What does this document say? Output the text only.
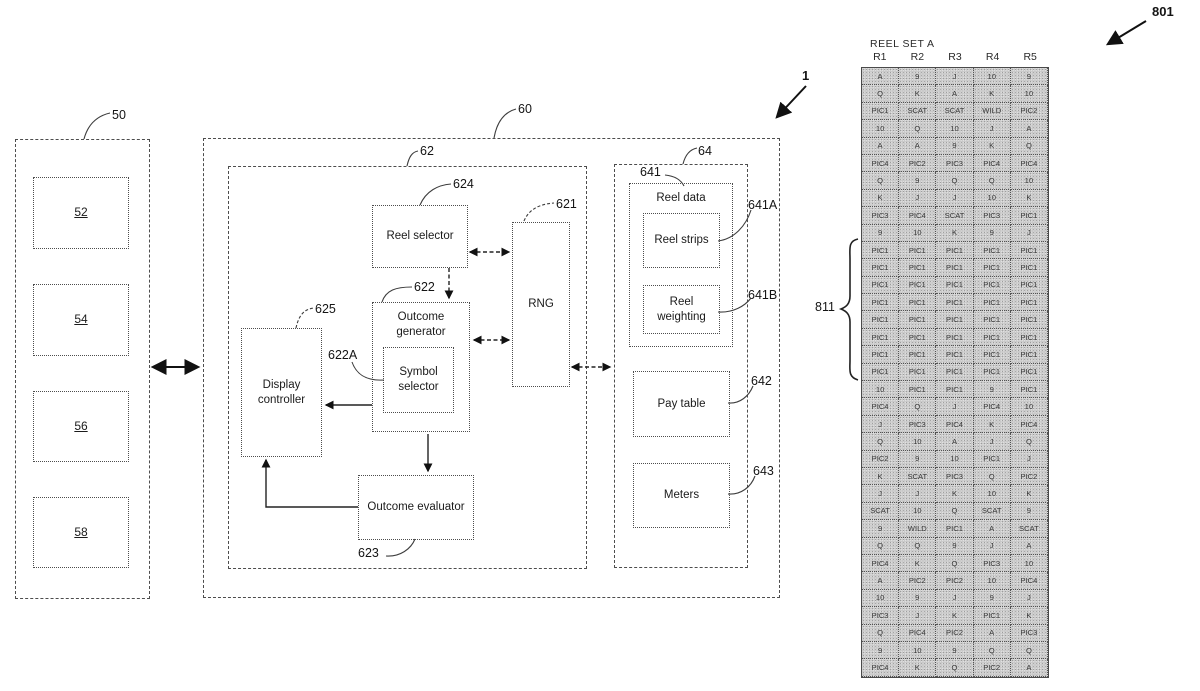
52
54
56
58
Reel selector
RNG
Outcome generator
Symbol selector
Display controller
Outcome evaluator
Reel data
Reel strips
Reel weighting
Pay table
Meters
50	60
1
62
624
621
622
625
622A
623
64
641
641A
641B
642
643
801
811
REEL SET A
R1	R2	R3	R4	R5
A	9	J	10	9
Q	K	A	K	10
PIC1	SCAT	SCAT	WILD	PIC2
10	Q	10	J	A
A	A	9	K	Q
PIC4	PIC2	PIC3	PIC4	PIC4
Q	9	Q	Q	10
K	J	J	10	K
PIC3	PIC4	SCAT	PIC3	PIC1
9	10	K	9	J
PIC1	PIC1	PIC1	PIC1	PIC1
PIC1	PIC1	PIC1	PIC1	PIC1
PIC1	PIC1	PIC1	PIC1	PIC1
PIC1	PIC1	PIC1	PIC1	PIC1
PIC1	PIC1	PIC1	PIC1	PIC1
PIC1	PIC1	PIC1	PIC1	PIC1
PIC1	PIC1	PIC1	PIC1	PIC1
PIC1	PIC1	PIC1	PIC1	PIC1
10	PIC1	PIC1	9	PIC1
PIC4	Q	J	PIC4	10
J	PIC3	PIC4	K	PIC4
Q	10	A	J	Q
PIC2	9	10	PIC1	J
K	SCAT	PIC3	Q	PIC2
J	J	K	10	K
SCAT	10	Q	SCAT	9
9	WILD	PIC1	A	SCAT
Q	Q	9	J	A
PIC4	K	Q	PIC3	10
A	PIC2	PIC2	10	PIC4
10	9	J	9	J
PIC3	J	K	PIC1	K
Q	PIC4	PIC2	A	PIC3
9	10	9	Q	Q
PIC4	K	Q	PIC2	A
